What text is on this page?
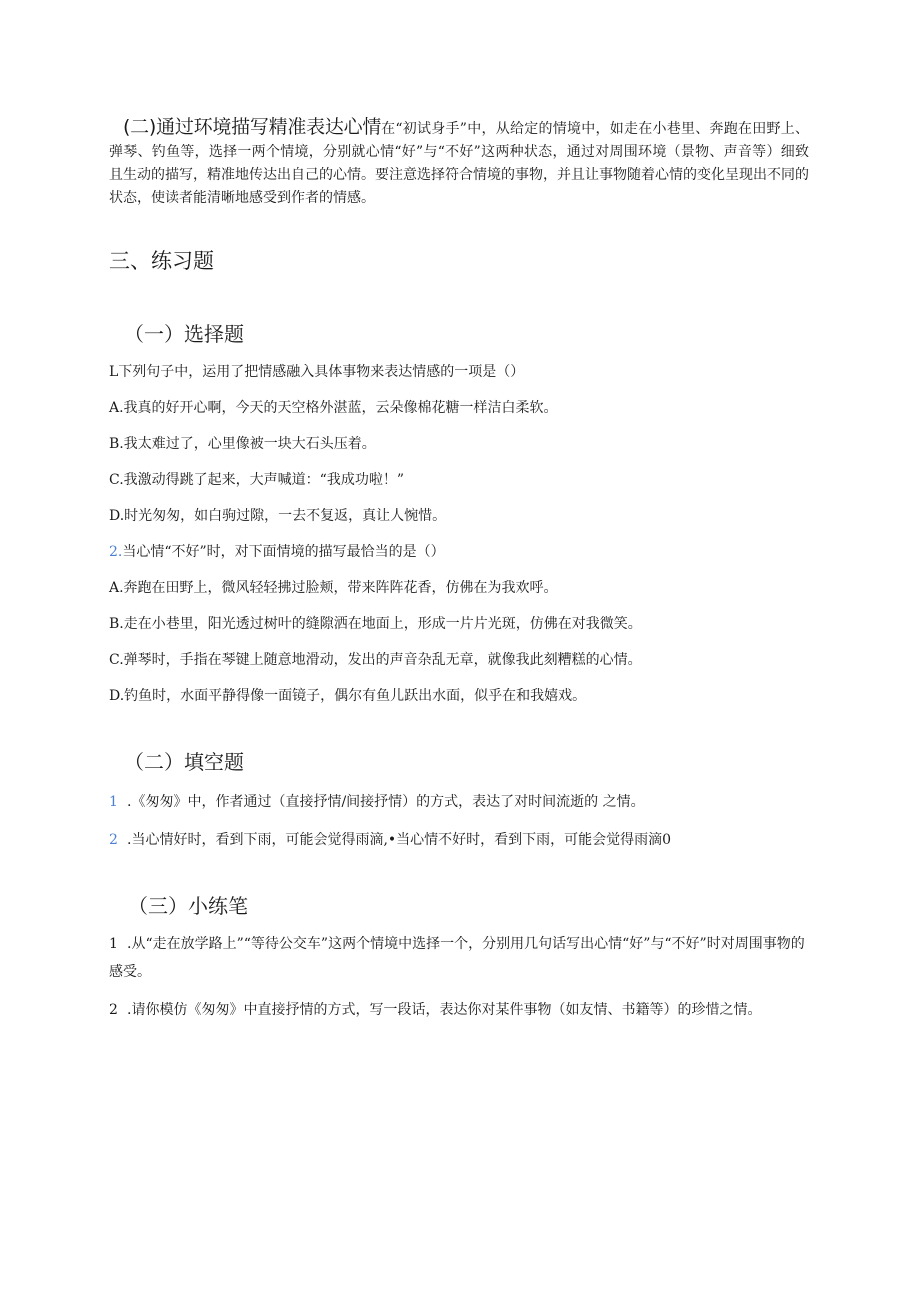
(二)通过环境描写精准表达心情在“初试身手”中，从给定的情境中，如走在小巷里、奔跑在田野上、弹琴、钓鱼等，选择一两个情境，分别就心情“好”与“不好”这两种状态，通过对周围环境（景物、声音等）细致且生动的描写，精准地传达出自己的心情。要注意选择符合情境的事物，并且让事物随着心情的变化呈现出不同的状态，使读者能清晰地感受到作者的情感。
三、练习题
（一）选择题
L下列句子中，运用了把情感融入具体事物来表达情感的一项是（）
A.我真的好开心啊，今天的天空格外湛蓝，云朵像棉花糖一样洁白柔软。
B.我太难过了，心里像被一块大石头压着。
C.我激动得跳了起来，大声喊道：“我成功啦！”
D.时光匆匆，如白驹过隙，一去不复返，真让人惋惜。
2.当心情“不好”时，对下面情境的描写最恰当的是（）
A.奔跑在田野上，微风轻轻拂过脸颊，带来阵阵花香，仿佛在为我欢呼。
B.走在小巷里，阳光透过树叶的缝隙洒在地面上，形成一片片光斑，仿佛在对我微笑。
C.弹琴时，手指在琴键上随意地滑动，发出的声音杂乱无章，就像我此刻糟糕的心情。
D.钓鱼时，水面平静得像一面镜子，偶尔有鱼儿跃出水面，似乎在和我嬉戏。
（二）填空题
1 .《匆匆》中，作者通过（直接抒情/间接抒情）的方式，表达了对时间流逝的 之情。
2 .当心情好时，看到下雨，可能会觉得雨滴,•当心情不好时，看到下雨，可能会觉得雨滴0
（三）小练笔
1 .从“走在放学路上”“等待公交车”这两个情境中选择一个，分别用几句话写出心情“好”与“不好”时对周围事物的感受。
2 .请你模仿《匆匆》中直接抒情的方式，写一段话，表达你对某件事物（如友情、书籍等）的珍惜之情。
